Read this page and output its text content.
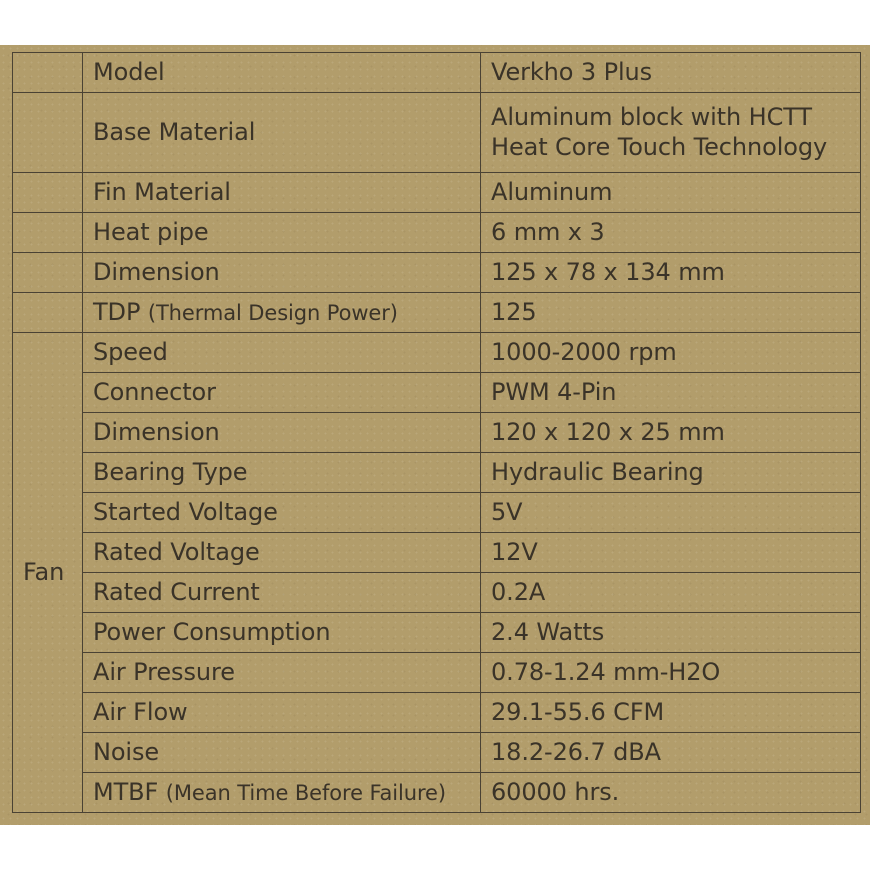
	Model	Verkho 3 Plus
	Base Material	Aluminum block with HCTT
Heat Core Touch Technology
	Fin Material	Aluminum
	Heat pipe	6 mm x 3
	Dimension	125 x 78 x 134 mm
	TDP (Thermal Design Power)	125
Fan	Speed	1000-2000 rpm
	Connector	PWM 4-Pin
	Dimension	120 x 120 x 25 mm
	Bearing Type	Hydraulic Bearing
	Started Voltage	5V
	Rated Voltage	12V
	Rated Current	0.2A
	Power Consumption	2.4 Watts
	Air Pressure	0.78-1.24 mm-H2O
	Air Flow	29.1-55.6 CFM
	Noise	18.2-26.7 dBA
	MTBF (Mean Time Before Failure)	60000 hrs.
